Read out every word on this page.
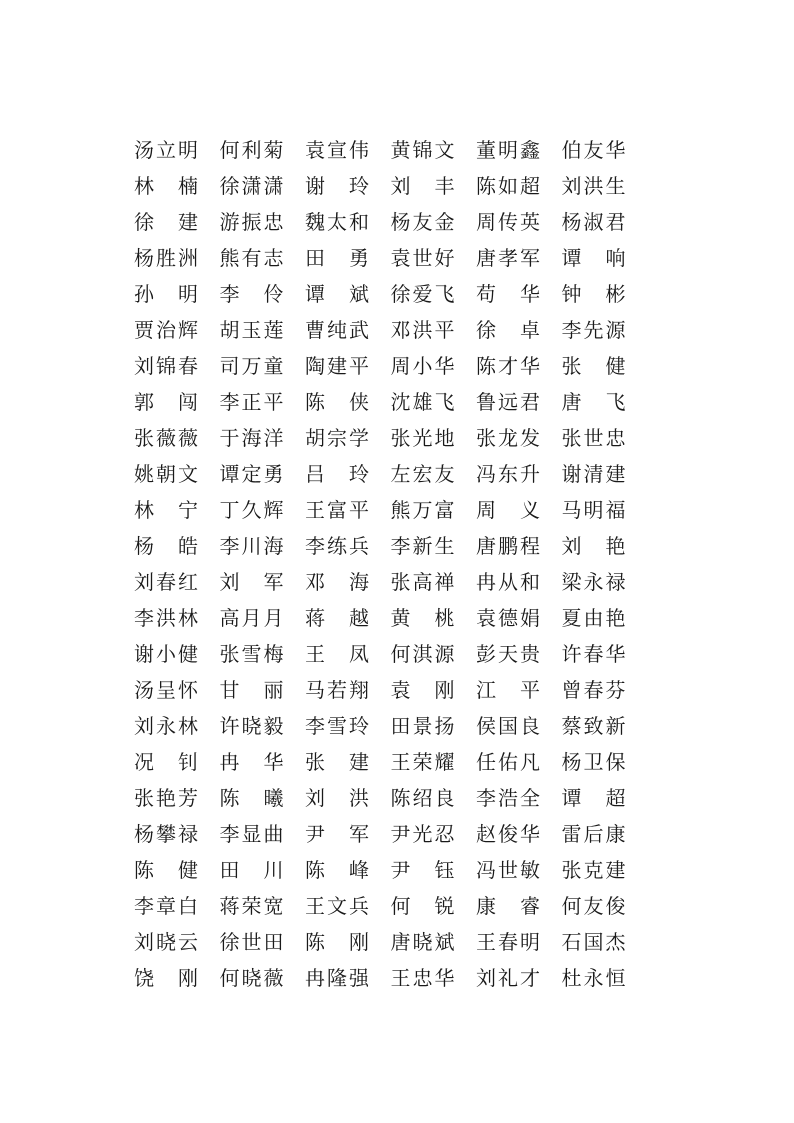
汤立明 何利菊 袁宣伟 黄锦文 董明鑫 伯友华
林　楠 徐潇潇 谢　玲 刘　丰 陈如超 刘洪生
徐　建 游振忠 魏太和 杨友金 周传英 杨淑君
杨胜洲 熊有志 田　勇 袁世好 唐孝军 谭　响
孙　明 李　伶 谭　斌 徐爱飞 苟　华 钟　彬
贾治辉 胡玉莲 曹纯武 邓洪平 徐　卓 李先源
刘锦春 司万童 陶建平 周小华 陈才华 张　健
郭　闯 李正平 陈　侠 沈雄飞 鲁远君 唐　飞
张薇薇 于海洋 胡宗学 张光地 张龙发 张世忠
姚朝文 谭定勇 吕　玲 左宏友 冯东升 谢清建
林　宁 丁久辉 王富平 熊万富 周　义 马明福
杨　皓 李川海 李练兵 李新生 唐鹏程 刘　艳
刘春红 刘　军 邓　海 张高禅 冉从和 梁永禄
李洪林 高月月 蒋　越 黄　桃 袁德娟 夏由艳
谢小健 张雪梅 王　凤 何淇源 彭天贵 许春华
汤呈怀 甘　丽 马若翔 袁　刚 江　平 曾春芬
刘永林 许晓毅 李雪玲 田景扬 侯国良 蔡致新
况　钊 冉　华 张　建 王荣耀 任佑凡 杨卫保
张艳芳 陈　曦 刘　洪 陈绍良 李浩全 谭　超
杨攀禄 李显曲 尹　军 尹光忍 赵俊华 雷后康
陈　健 田　川 陈　峰 尹　钰 冯世敏 张克建
李章白 蒋荣宽 王文兵 何　锐 康　睿 何友俊
刘晓云 徐世田 陈　刚 唐晓斌 王春明 石国杰
饶　刚 何晓薇 冉隆强 王忠华 刘礼才 杜永恒
